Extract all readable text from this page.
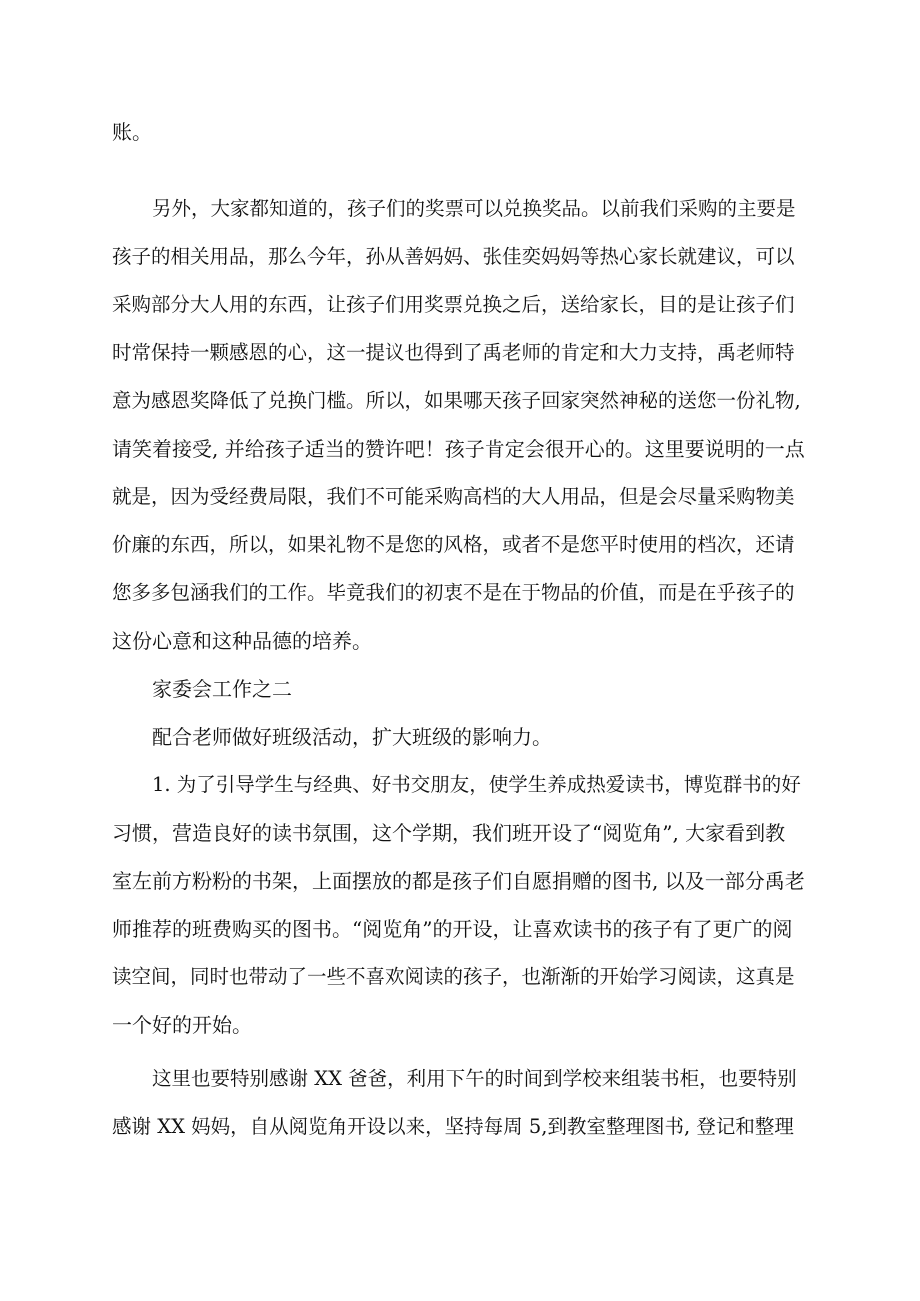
账。
另外，大家都知道的，孩子们的奖票可以兑换奖品。以前我们采购的主要是
孩子的相关用品，那么今年，孙从善妈妈、张佳奕妈妈等热心家长就建议，可以
采购部分大人用的东西，让孩子们用奖票兑换之后，送给家长，目的是让孩子们
时常保持一颗感恩的心，这一提议也得到了禹老师的肯定和大力支持，禹老师特
意为感恩奖降低了兑换门槛。所以，如果哪天孩子回家突然神秘的送您一份礼物,
请笑着接受, 并给孩子适当的赞许吧！孩子肯定会很开心的。这里要说明的一点
就是，因为受经费局限，我们不可能采购高档的大人用品，但是会尽量采购物美
价廉的东西，所以，如果礼物不是您的风格，或者不是您平时使用的档次，还请
您多多包涵我们的工作。毕竟我们的初衷不是在于物品的价值，而是在乎孩子的
这份心意和这种品德的培养。
家委会工作之二
配合老师做好班级活动，扩大班级的影响力。
1. 为了引导学生与经典、好书交朋友，使学生养成热爱读书，博览群书的好
习惯，营造良好的读书氛围，这个学期，我们班开设了“阅览角”, 大家看到教
室左前方粉粉的书架，上面摆放的都是孩子们自愿捐赠的图书, 以及一部分禹老
师推荐的班费购买的图书。“阅览角”的开设，让喜欢读书的孩子有了更广的阅
读空间，同时也带动了一些不喜欢阅读的孩子，也渐渐的开始学习阅读，这真是
一个好的开始。
这里也要特别感谢 XX 爸爸，利用下午的时间到学校来组装书柜，也要特别
感谢 XX 妈妈，自从阅览角开设以来，坚持每周 5,到教室整理图书, 登记和整理
